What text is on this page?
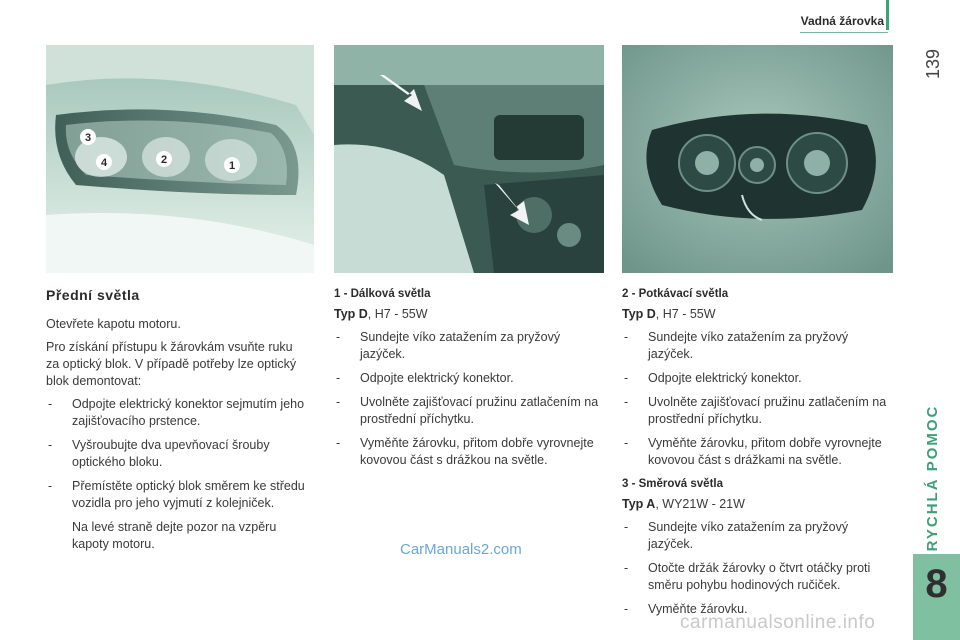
Vadná žárovka
139
RYCHLÁ POMOC
8
3
4	2	1
Přední světla

Otevřete kapotu motoru.

Pro získání přístupu k žárovkám vsuňte ruku za optický blok. V případě potřeby lze optický blok demontovat:

- Odpojte elektrický konektor sejmutím jeho zajišťovacího prstence.
- Vyšroubujte dva upevňovací šrouby optického bloku.
- Přemístěte optický blok směrem ke středu vozidla pro jeho vyjmutí z kolejniček.

Na levé straně dejte pozor na vzpěru kapoty motoru.

1 - Dálková světla

Typ D, H7 - 55W

- Sundejte víko zatažením za pryžový jazýček.
- Odpojte elektrický konektor.
- Uvolněte zajišťovací pružinu zatlačením na prostřední příchytku.
- Vyměňte žárovku, přitom dobře vyrovnejte kovovou část s drážkou na světle.
2 - Potkávací světla

Typ D, H7 - 55W

- Sundejte víko zatažením za pryžový jazýček.
- Odpojte elektrický konektor.
- Uvolněte zajišťovací pružinu zatlačením na prostřední příchytku.
- Vyměňte žárovku, přitom dobře vyrovnejte kovovou část s drážkami na světle.
3 - Směrová světla

Typ A, WY21W - 21W

- Sundejte víko zatažením za pryžový jazýček.
- Otočte držák žárovky o čtvrt otáčky proti směru pohybu hodinových ručiček.
- Vyměňte žárovku.
CarManuals2.com
carmanualsonline.info
